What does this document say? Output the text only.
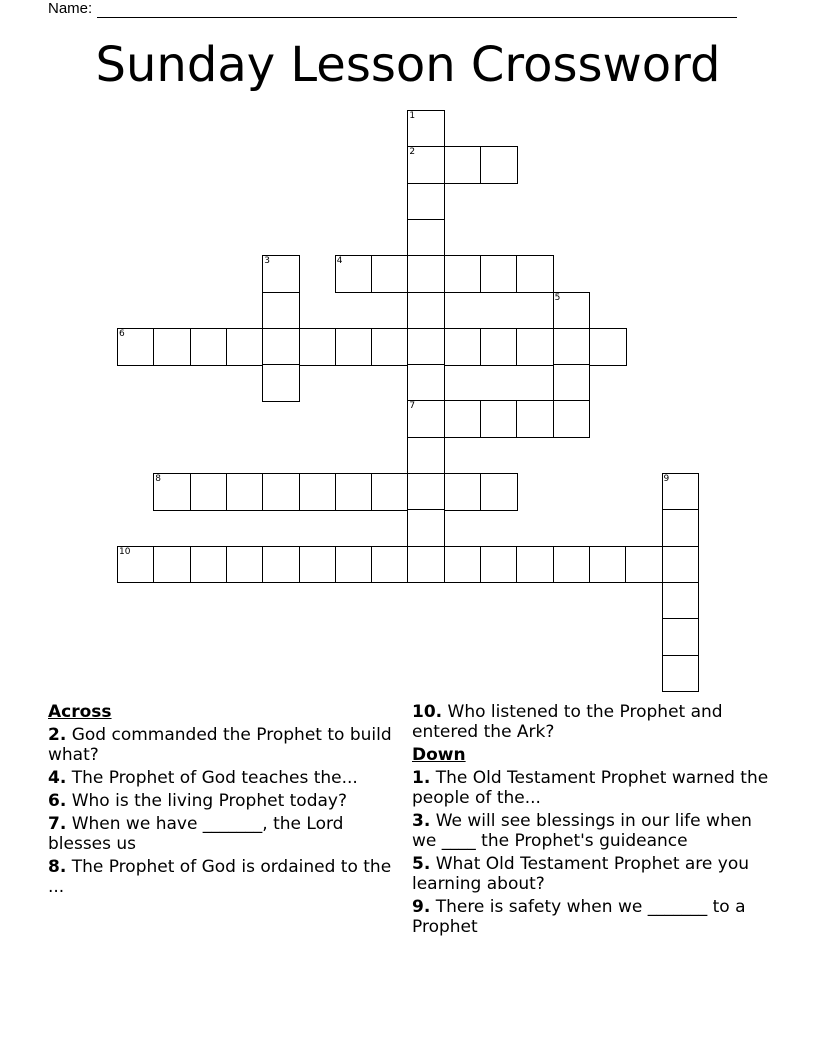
Name:
Sunday Lesson Crossword
1
2
3	4
5
6
7
8	9
10
Across
2. God commanded the Prophet to build what?
4. The Prophet of God teaches the...
6. Who is the living Prophet today?
7. When we have _______, the Lord blesses us
8. The Prophet of God is ordained to the ...
10. Who listened to the Prophet and entered the Ark?
Down
1. The Old Testament Prophet warned the people of the...
3. We will see blessings in our life when we ____ the Prophet's guideance
5. What Old Testament Prophet are you learning about?
9. There is safety when we _______ to a Prophet
